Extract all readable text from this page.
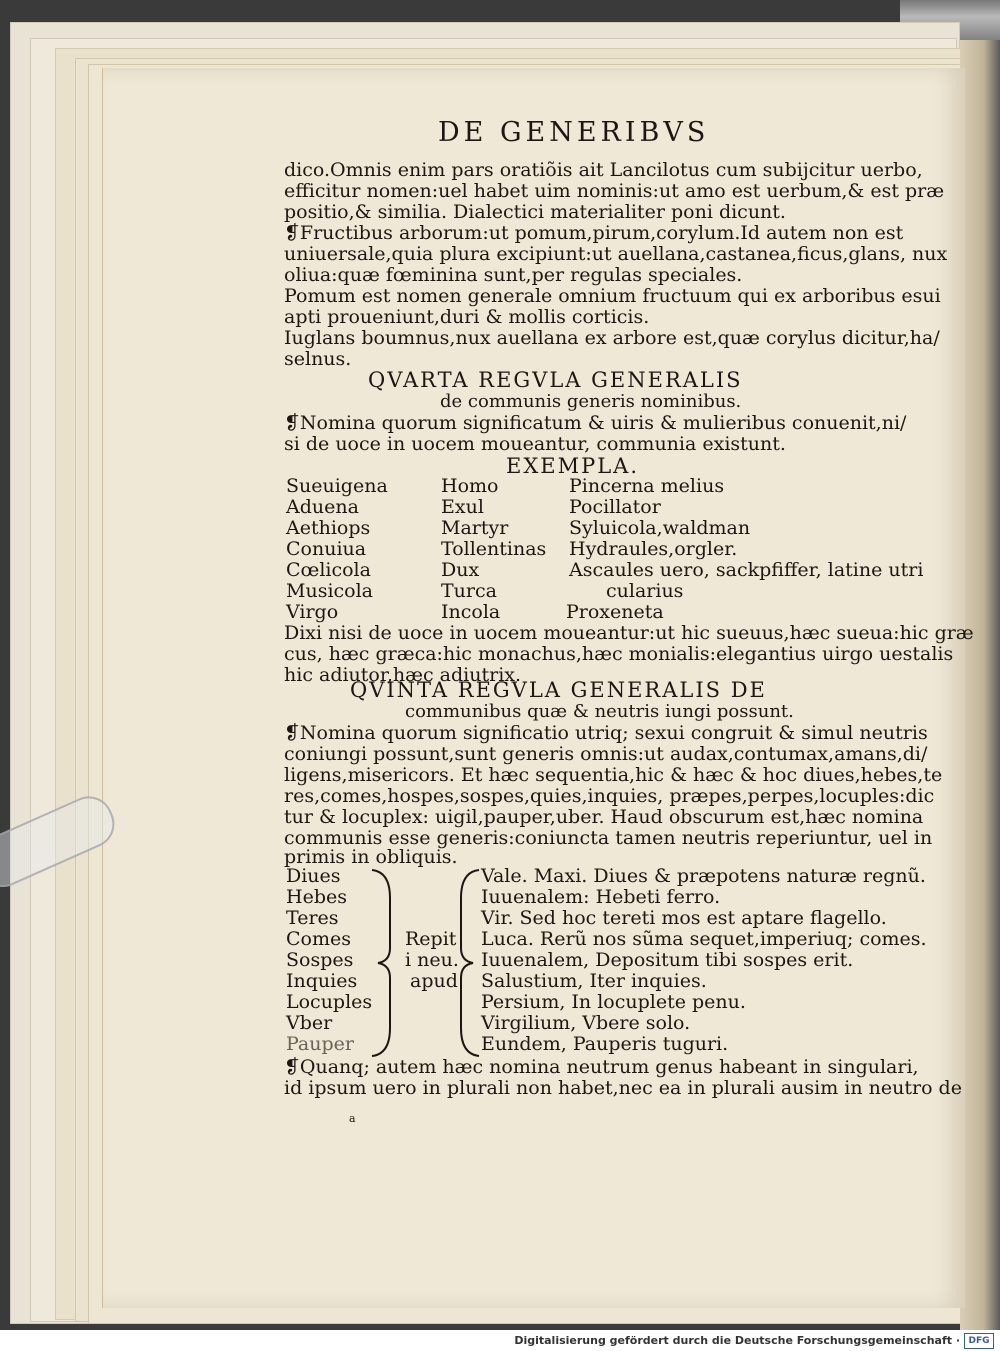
DE GENERIBVS
dico.Omnis enim pars oratiõis ait Lancilotus cum subijcitur uerbo,
efficitur nomen:uel habet uim nominis:ut amo est uerbum,& est præ
positio,& similia. Dialectici materialiter poni dicunt.
❡Fructibus arborum:ut pomum,pirum,corylum.Id autem non est
uniuersale,quia plura excipiunt:ut auellana,castanea,ficus,glans, nux
oliua:quæ fœminina sunt,per regulas speciales.
Pomum est nomen generale omnium fructuum qui ex arboribus esui
apti proueniunt,duri & mollis corticis.
Iuglans boumnus,nux auellana ex arbore est,quæ corylus dicitur,ha/
selnus.
QVARTA REGVLA GENERALIS
de communis generis nominibus.
❡Nomina quorum significatum & uiris & mulieribus conuenit,ni/
si de uoce in uocem moueantur, communia existunt.
EXEMPLA.
Sueuigena
Aduena
Aethiops
Conuiua
Cœlicola
Musicola
Virgo
Homo
Exul
Martyr
Tollentinas
Dux
Turca
Incola
Pincerna melius
Pocillator
Syluicola,waldman
Hydraules,orgler.
Ascaules uero, sackpfiffer, latine utri
cularius
Proxeneta
Dixi nisi de uoce in uocem moueantur:ut hic sueuus,hæc sueua:hic græ
cus, hæc græca:hic monachus,hæc monialis:elegantius uirgo uestalis
hic adiutor,hæc adiutrix.
QVINTA REGVLA GENERALIS DE
communibus quæ & neutris iungi possunt.
❡Nomina quorum significatio utriq; sexui congruit & simul neutris
coniungi possunt,sunt generis omnis:ut audax,contumax,amans,di/
ligens,misericors. Et hæc sequentia,hic & hæc & hoc diues,hebes,te
res,comes,hospes,sospes,quies,inquies, præpes,perpes,locuples:dic
tur & locuplex: uigil,pauper,uber. Haud obscurum est,hæc nomina
communis esse generis:coniuncta tamen neutris reperiuntur, uel in
primis in obliquis.
Diues
Hebes
Teres
Comes
Sospes
Inquies
Locuples
Vber
Pauper
Repit
i neu.
apud
Vale. Maxi. Diues & præpotens naturæ regnũ.
Iuuenalem: Hebeti ferro.
Vir. Sed hoc tereti mos est aptare flagello.
Luca. Rerũ nos sũma sequet,imperiuq; comes.
Iuuenalem, Depositum tibi sospes erit.
Salustium, Iter inquies.
Persium, In locuplete penu.
Virgilium, Vbere solo.
Eundem, Pauperis tuguri.
❡Quanq; autem hæc nomina neutrum genus habeant in singulari,
id ipsum uero in plurali non habet,nec ea in plurali ausim in neutro de
a
Digitalisierung gefördert durch die Deutsche Forschungsgemeinschaft · DFG
